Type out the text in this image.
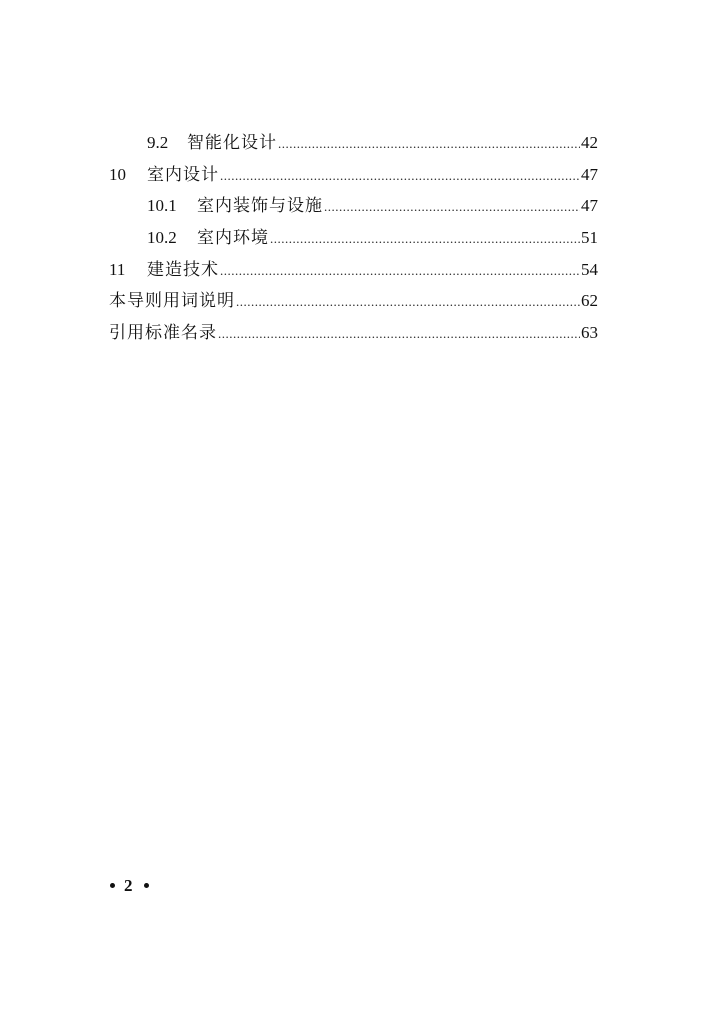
9.2	智能化设计 .....	42
10	室内设计 .....	47
10.1	室内装饰与设施 .....	47
10.2	室内环境 .....	51
11	建造技术 .....	54
本导则用词说明 .....	62
引用标准名录 .....	63
2
